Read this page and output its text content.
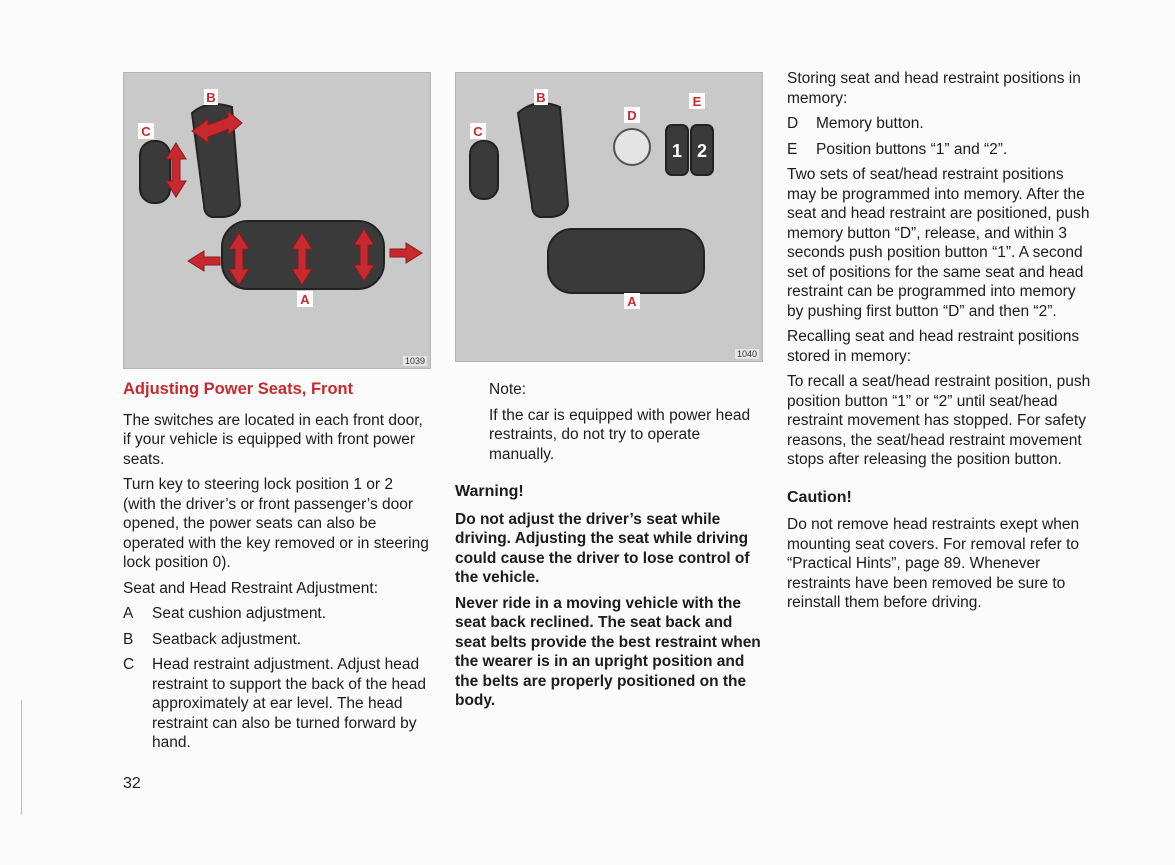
B
C
A
1039
1 2
B
C
D
E
A
1040

Adjusting Power Seats, Front

The switches are located in each front door, if your vehicle is equipped with front power seats.

Turn key to steering lock position 1 or 2 (with the driver’s or front passenger’s door opened, the power seats can also be operated with the key removed or in steering lock position 0).

Seat and Head Restraint Adjustment:

A	Seat cushion adjustment.
B	Seatback adjustment.
C	Head restraint adjustment. Adjust head restraint to support the back of the head approximately at ear level. The head restraint can also be turned forward by hand.
32

Note:

If the car is equipped with power head restraints, do not try to operate manually.

Warning!

Do not adjust the driver’s seat while driving. Adjusting the seat while driving could cause the driver to lose control of the vehicle.

Never ride in a moving vehicle with the seat back reclined. The seat back and seat belts provide the best restraint when the wearer is in an upright position and the belts are properly positioned on the body.

Storing seat and head restraint positions in memory:

D	Memory button.
E	Position buttons “1” and “2”.

Two sets of seat/head restraint positions may be programmed into memory. After the seat and head restraint are positioned, push memory button “D”, release, and within 3 seconds push position button “1”. A second set of positions for the same seat and head restraint can be programmed into memory by pushing first button “D” and then “2”.

Recalling seat and head restraint positions stored in memory:

To recall a seat/head restraint position, push position button “1” or “2” until seat/head restraint movement has stopped. For safety reasons, the seat/head restraint movement stops after releasing the position button.

Caution!

Do not remove head restraints exept when mounting seat covers. For removal refer to “Practical Hints”, page 89. Whenever restraints have been removed be sure to reinstall them before driving.
